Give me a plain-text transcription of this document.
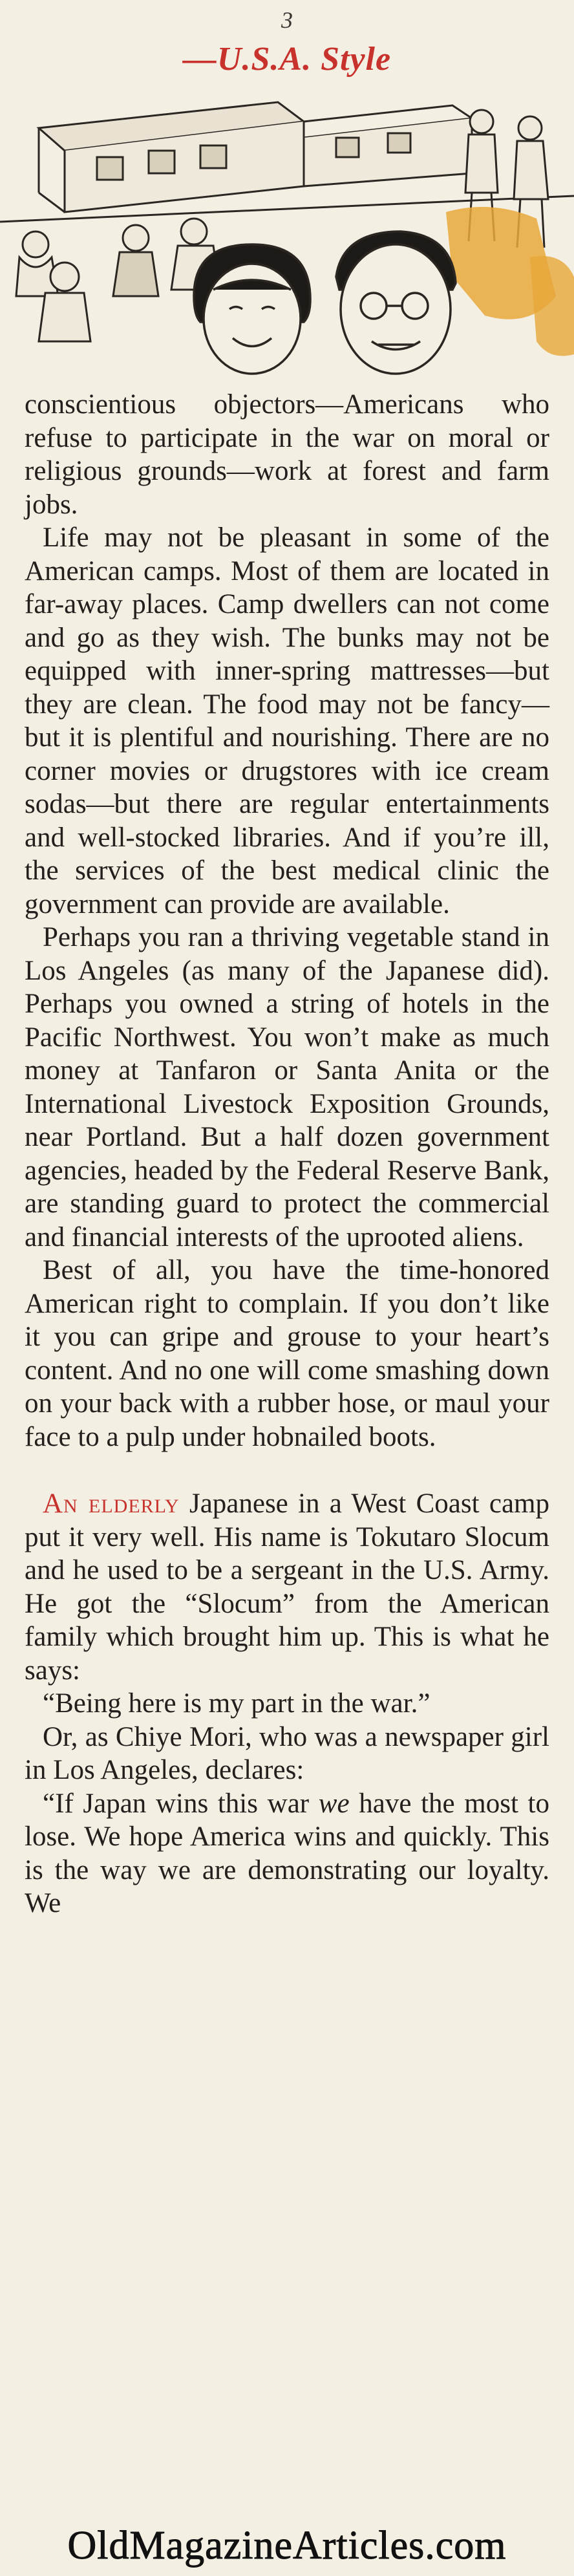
3
—U.S.A. Style

conscientious objectors—Americans who refuse to participate in the war on moral or religious grounds—work at forest and farm jobs.

Life may not be pleasant in some of the American camps. Most of them are located in far-away places. Camp dwellers can not come and go as they wish. The bunks may not be equipped with inner-spring mattresses—but they are clean. The food may not be fancy—but it is plentiful and nourishing. There are no corner movies or drugstores with ice cream sodas—but there are regular entertainments and well-stocked libraries. And if you’re ill, the services of the best medical clinic the government can provide are available.

Perhaps you ran a thriving vegetable stand in Los Angeles (as many of the Japanese did). Perhaps you owned a string of hotels in the Pacific Northwest. You won’t make as much money at Tanfaron or Santa Anita or the International Livestock Exposition Grounds, near Portland. But a half dozen government agencies, headed by the Federal Reserve Bank, are standing guard to protect the commercial and financial interests of the uprooted aliens.

Best of all, you have the time-honored American right to complain. If you don’t like it you can gripe and grouse to your heart’s content. And no one will come smashing down on your back with a rubber hose, or maul your face to a pulp under hobnailed boots.

An elderly Japanese in a West Coast camp put it very well. His name is Tokutaro Slocum and he used to be a sergeant in the U.S. Army. He got the “Slocum” from the American family which brought him up. This is what he says:

“Being here is my part in the war.”

Or, as Chiye Mori, who was a newspaper girl in Los Angeles, declares:

“If Japan wins this war we have the most to lose. We hope America wins and quickly. This is the way we are demonstrating our loyalty. We

OldMagazineArticles.com
